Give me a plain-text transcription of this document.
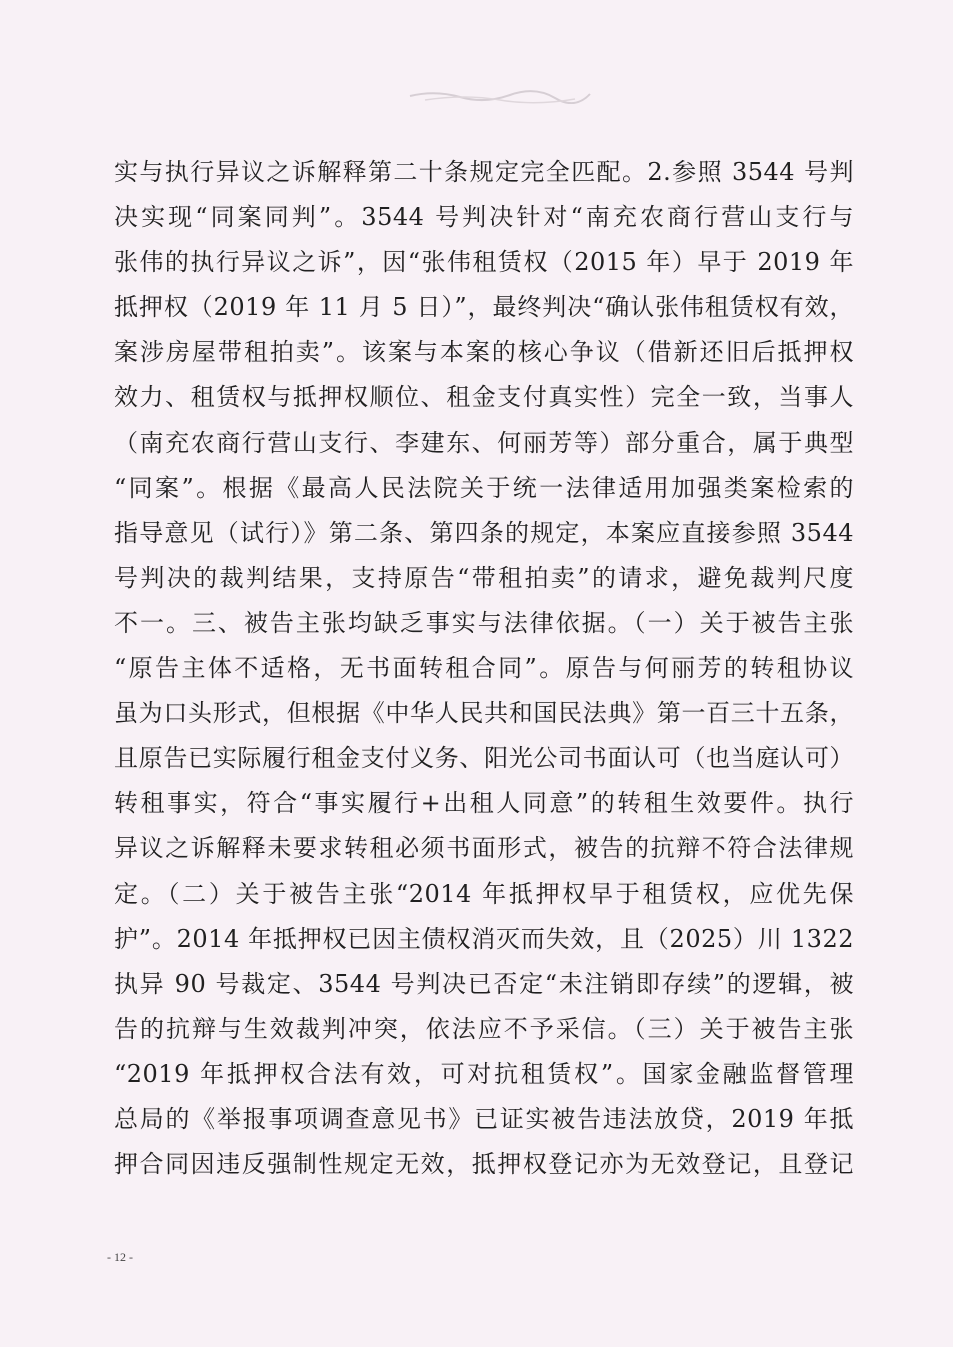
实与执行异议之诉解释第二十条规定完全匹配。2.参照 3544 号判
决实现“同案同判”。3544 号判决针对“南充农商行营山支行与
张伟的执行异议之诉”，因“张伟租赁权（2015 年）早于 2019 年
抵押权（2019 年 11 月 5 日）”，最终判决“确认张伟租赁权有效，
案涉房屋带租拍卖”。该案与本案的核心争议（借新还旧后抵押权
效力、租赁权与抵押权顺位、租金支付真实性）完全一致，当事人
（南充农商行营山支行、李建东、何丽芳等）部分重合，属于典型
“同案”。根据《最高人民法院关于统一法律适用加强类案检索的
指导意见（试行）》第二条、第四条的规定，本案应直接参照 3544
号判决的裁判结果，支持原告“带租拍卖”的请求，避免裁判尺度
不一。三、被告主张均缺乏事实与法律依据。（一）关于被告主张
“原告主体不适格，无书面转租合同”。原告与何丽芳的转租协议
虽为口头形式，但根据《中华人民共和国民法典》第一百三十五条，
且原告已实际履行租金支付义务、阳光公司书面认可（也当庭认可）
转租事实，符合“事实履行+出租人同意”的转租生效要件。执行
异议之诉解释未要求转租必须书面形式，被告的抗辩不符合法律规
定。（二）关于被告主张“2014 年抵押权早于租赁权，应优先保
护”。2014 年抵押权已因主债权消灭而失效，且（2025）川 1322
执异 90 号裁定、3544 号判决已否定“未注销即存续”的逻辑，被
告的抗辩与生效裁判冲突，依法应不予采信。（三）关于被告主张
“2019 年抵押权合法有效，可对抗租赁权”。国家金融监督管理
总局的《举报事项调查意见书》已证实被告违法放贷，2019 年抵
押合同因违反强制性规定无效，抵押权登记亦为无效登记，且登记
- 12 -
